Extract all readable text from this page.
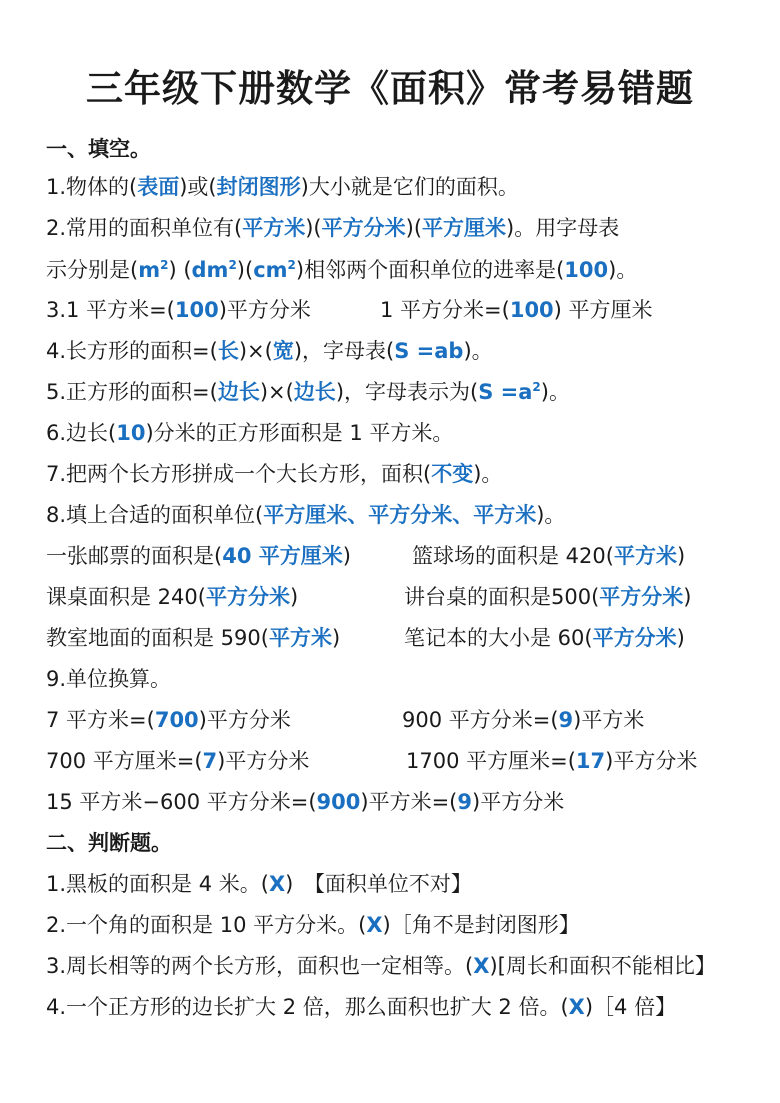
三年级下册数学《面积》常考易错题
一、填空。
1.物体的(表面)或(封闭图形)大小就是它们的面积。
2.常用的面积单位有(平方米)(平方分米)(平方厘米)。用字母表
示分别是$(m^2)$ $(dm^2)(cm^2)$相邻两个面积单位的进率是(100)。
3.1 平方米=(100)平方分米	1 平方分米=(100) 平方厘米
4.长方形的面积=(长)×(宽)，字母表(S =ab)。
5.正方形的面积=(边长)×(边长)，字母表示为$(S =a^2)$。
6.边长(10)分米的正方形面积是 1 平方米。
7.把两个长方形拼成一个大长方形，面积(不变)。
8.填上合适的面积单位(平方厘米、平方分米、平方米)。
一张邮票的面积是(40 平方厘米)	篮球场的面积是 420(平方米)
课桌面积是 240(平方分米)	讲台桌的面积是500(平方分米)
教室地面的面积是 590(平方米)	笔记本的大小是 60(平方分米)
9.单位换算。
7 平方米=(700)平方分米	900 平方分米=(9)平方米
700 平方厘米=(7)平方分米	1700 平方厘米=(17)平方分米
15 平方米−600 平方分米=(900)平方米=(9)平方分米
二、判断题。
1.黑板的面积是 4 米。(X)　【面积单位不对】
2.一个角的面积是 10 平方分米。(X)［角不是封闭图形】
3.周长相等的两个长方形，面积也一定相等。(X)[周长和面积不能相比】
4.一个正方形的边长扩大 2 倍，那么面积也扩大 2 倍。(X)［4 倍】
